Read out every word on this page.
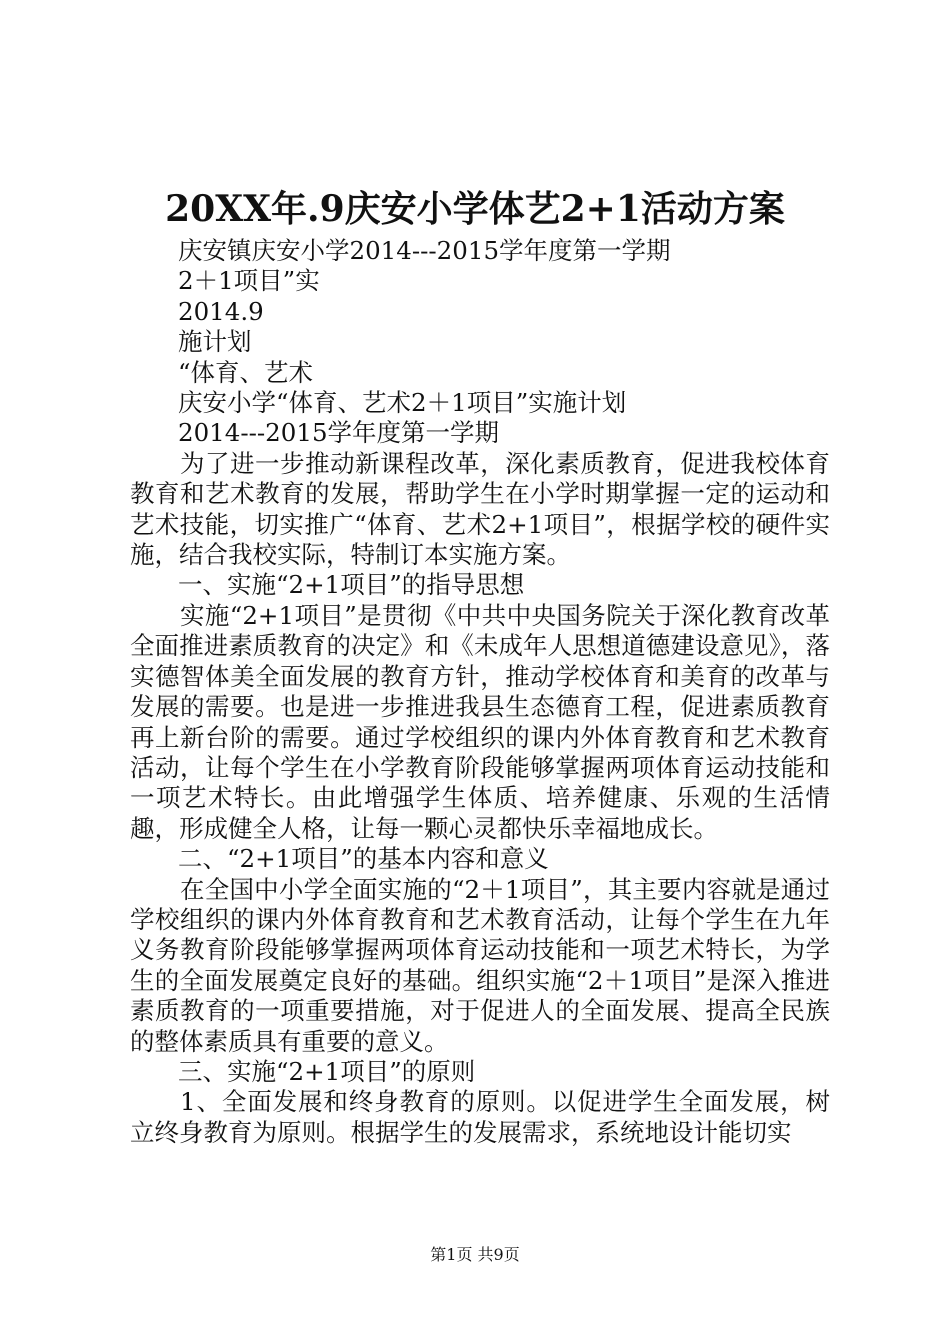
20XX年.9庆安小学体艺2+1活动方案

庆安镇庆安小学2014---2015学年度第一学期

2＋1项目”实

2014.9

施计划

“体育、艺术

庆安小学“体育、艺术2＋1项目”实施计划

2014---2015学年度第一学期

为了进一步推动新课程改革，深化素质教育，促进我校体育教育和艺术教育的发展，帮助学生在小学时期掌握一定的运动和艺术技能，切实推广“体育、艺术2+1项目”，根据学校的硬件实施，结合我校实际，特制订本实施方案。

一、实施“2+1项目”的指导思想

实施“2+1项目”是贯彻《中共中央国务院关于深化教育改革全面推进素质教育的决定》和《未成年人思想道德建设意见》，落实德智体美全面发展的教育方针，推动学校体育和美育的改革与发展的需要。也是进一步推进我县生态德育工程，促进素质教育再上新台阶的需要。通过学校组织的课内外体育教育和艺术教育活动，让每个学生在小学教育阶段能够掌握两项体育运动技能和一项艺术特长。由此增强学生体质、培养健康、乐观的生活情趣，形成健全人格，让每一颗心灵都快乐幸福地成长。

二、“2+1项目”的基本内容和意义

在全国中小学全面实施的“2＋1项目”，其主要内容就是通过学校组织的课内外体育教育和艺术教育活动，让每个学生在九年义务教育阶段能够掌握两项体育运动技能和一项艺术特长，为学生的全面发展奠定良好的基础。组织实施“2＋1项目”是深入推进素质教育的一项重要措施，对于促进人的全面发展、提高全民族的整体素质具有重要的意义。

三、实施“2+1项目”的原则

1、全面发展和终身教育的原则。以促进学生全面发展，树立终身教育为原则。根据学生的发展需求，系统地设计能切实

第1页 共9页
